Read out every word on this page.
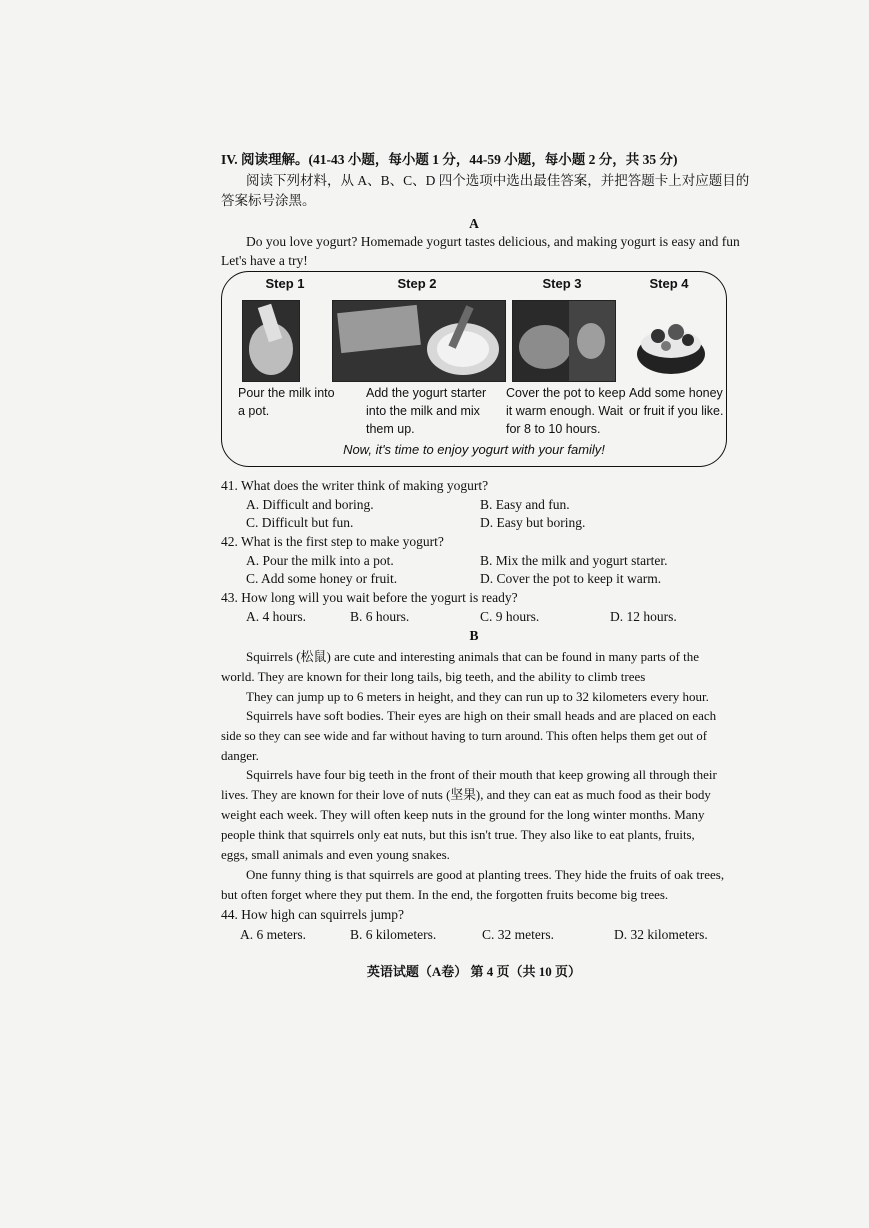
IV. 阅读理解。(41-43 小题，每小题 1 分，44-59 小题，每小题 2 分，共 35 分)
阅读下列材料，从 A、B、C、D 四个选项中选出最佳答案，并把答题卡上对应题目的
答案标号涂黑。
A
Do you love yogurt? Homemade yogurt tastes delicious, and making yogurt is easy and fun
Let's have a try!
Step 1	Step 2	Step 3	Step 4
Pour the milk into
a pot.
Add the yogurt starter
into the milk and mix
them up.
Cover the pot to keep
it warm enough. Wait
for 8 to 10 hours.
Add some honey
or fruit if you like.
Now, it's time to enjoy yogurt with your family!
41. What does the writer think of making yogurt?
A. Difficult and boring.	B. Easy and fun.
C. Difficult but fun.	D. Easy but boring.
42. What is the first step to make yogurt?
A. Pour the milk into a pot.	B. Mix the milk and yogurt starter.
C. Add some honey or fruit.	D. Cover the pot to keep it warm.
43. How long will you wait before the yogurt is ready?
A. 4 hours.	B. 6 hours.	C. 9 hours.	D. 12 hours.
B
Squirrels (松鼠) are cute and interesting animals that can be found in many parts of the
world. They are known for their long tails, big teeth, and the ability to climb trees
They can jump up to 6 meters in height, and they can run up to 32 kilometers every hour.
Squirrels have soft bodies. Their eyes are high on their small heads and are placed on each
side so they can see wide and far without having to turn around. This often helps them get out of
danger.
Squirrels have four big teeth in the front of their mouth that keep growing all through their
lives. They are known for their love of nuts (坚果), and they can eat as much food as their body
weight each week. They will often keep nuts in the ground for the long winter months. Many
people think that squirrels only eat nuts, but this isn't true. They also like to eat plants, fruits,
eggs, small animals and even young snakes.
One funny thing is that squirrels are good at planting trees. They hide the fruits of oak trees,
but often forget where they put them. In the end, the forgotten fruits become big trees.
44. How high can squirrels jump?
A. 6 meters.	B. 6 kilometers.	C. 32 meters.	D. 32 kilometers.
英语试题（A卷） 第 4 页（共 10 页）
